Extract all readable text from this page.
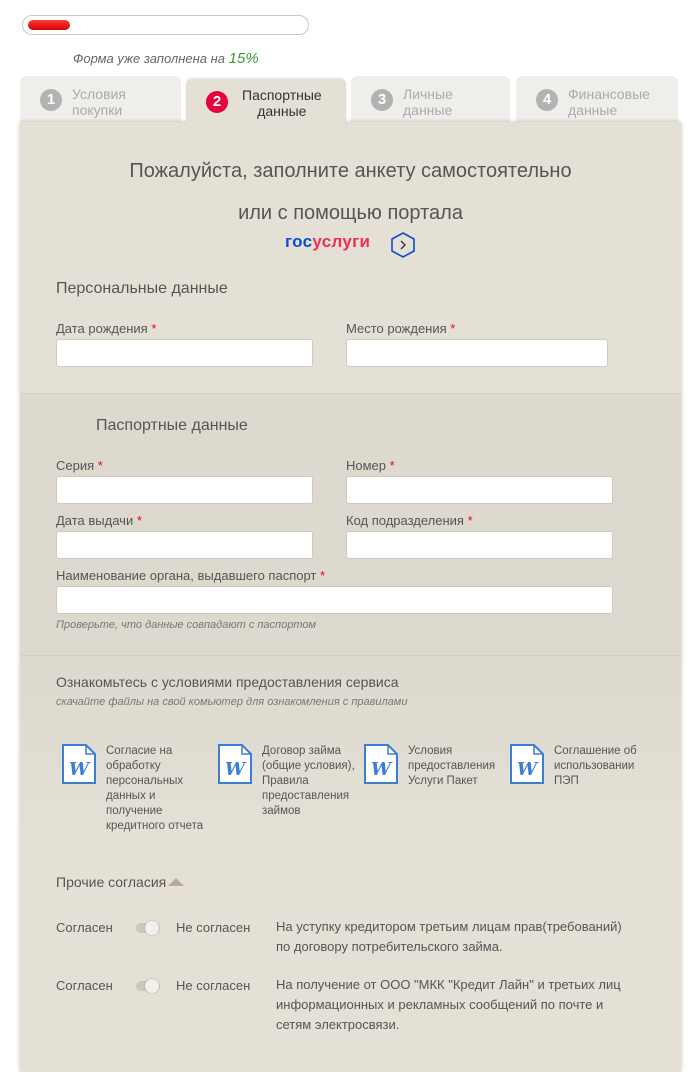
Форма уже заполнена на 15%
1	Условия
покупки	2	Паспортные
данные
3	Личные
данные
4	Финансовые
данные
Пожалуйста, заполните анкету самостоятельно
или с помощью портала
госуслуги
Персональные данные
Дата рождения *	Место рождения *
Паспортные данные
Серия *	Номер *
Дата выдачи *	Код подразделения *
Наименование органа, выдавшего паспорт *
Проверьте, что данные совпадают с паспортом
Ознакомьтесь с условиями предоставления сервиса
скачайте файлы на свой комьютер для ознакомления с правилами
W
Согласие на
обработку
персональных
данных и
получение
кредитного отчета
W
Договор займа
(общие условия),
Правила
предоставления
займов
W
Условия
предоставления
Услуги Пакет
W
Соглашение об
использовании
ПЭП
Прочие согласия
Согласен	Не согласен На уступку кредитором третьим лицам прав(требований)
по договору потребительского займа.
Согласен	Не согласен На получение от ООО "МКК "Кредит Лайн" и третьих лиц
информационных и рекламных сообщений по почте и
сетям электросвязи.
